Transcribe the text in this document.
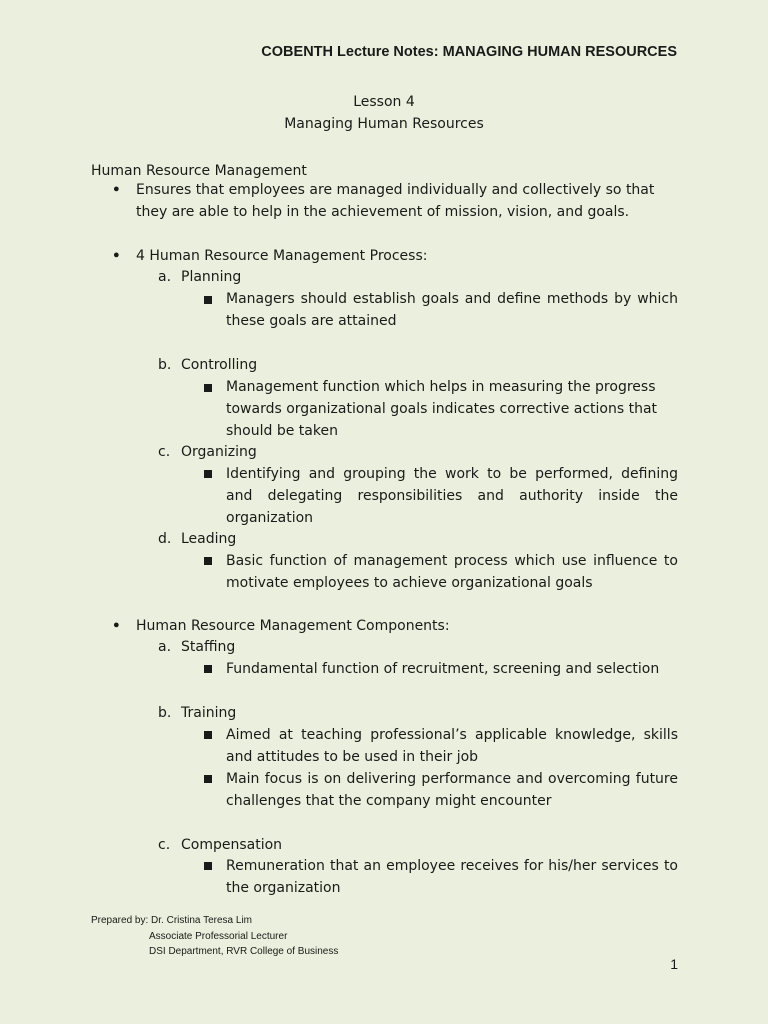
COBENTH Lecture Notes: MANAGING HUMAN RESOURCES
Lesson 4
Managing Human Resources
Human Resource Management
● Ensures that employees are managed individually and collectively so that they are able to help in the achievement of mission, vision, and goals.
● 4 Human Resource Management Process:
a. Planning
Managers should establish goals and define methods by which these goals are attained
b. Controlling
Management function which helps in measuring the progress towards organizational goals indicates corrective actions that should be taken
c. Organizing
Identifying and grouping the work to be performed, defining and delegating responsibilities and authority inside the organization
d. Leading
Basic function of management process which use influence to motivate employees to achieve organizational goals
● Human Resource Management Components:
a. Staffing
Fundamental function of recruitment, screening and selection
b. Training
Aimed at teaching professional’s applicable knowledge, skills and attitudes to be used in their job
Main focus is on delivering performance and overcoming future challenges that the company might encounter
c. Compensation
Remuneration that an employee receives for his/her services to the organization
Prepared by: Dr. Cristina Teresa Lim
Associate Professorial Lecturer
DSI Department, RVR College of Business
1
